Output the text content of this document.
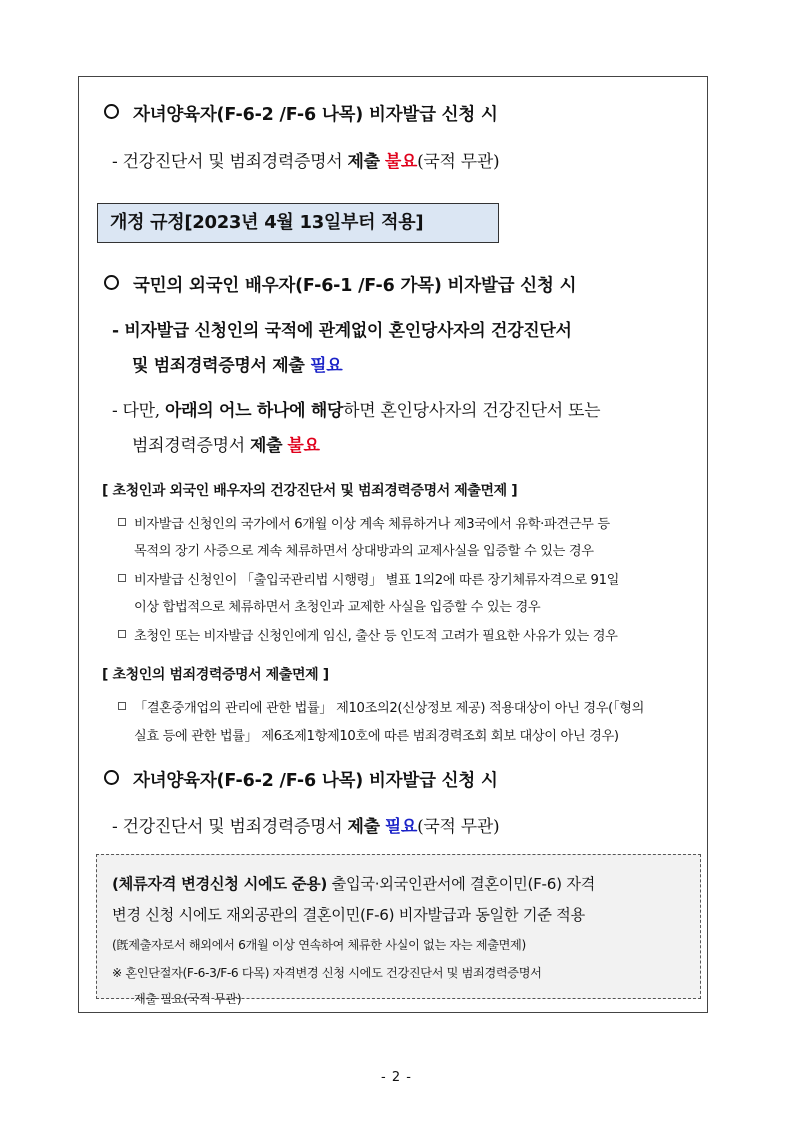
자녀양육자(F-6-2 /F-6 나목) 비자발급 신청 시
- 건강진단서 및 범죄경력증명서 제출 불요(국적 무관)
개정 규정[2023년 4월 13일부터 적용]
국민의 외국인 배우자(F-6-1 /F-6 가목) 비자발급 신청 시
- 비자발급 신청인의 국적에 관계없이 혼인당사자의 건강진단서
및 범죄경력증명서 제출 필요
- 다만, 아래의 어느 하나에 해당하면 혼인당사자의 건강진단서 또는
범죄경력증명서 제출 불요
[ 초청인과 외국인 배우자의 건강진단서 및 범죄경력증명서 제출면제 ]
비자발급 신청인의 국가에서 6개월 이상 계속 체류하거나 제3국에서 유학·파견근무 등
목적의 장기 사증으로 계속 체류하면서 상대방과의 교제사실을 입증할 수 있는 경우
비자발급 신청인이 「출입국관리법 시행령」 별표 1의2에 따른 장기체류자격으로 91일
이상 합법적으로 체류하면서 초청인과 교제한 사실을 입증할 수 있는 경우
초청인 또는 비자발급 신청인에게 임신, 출산 등 인도적 고려가 필요한 사유가 있는 경우
[ 초청인의 범죄경력증명서 제출면제 ]
「결혼중개업의 관리에 관한 법률」 제10조의2(신상정보 제공) 적용대상이 아닌 경우(「형의
실효 등에 관한 법률」 제6조제1항제10호에 따른 범죄경력조회 회보 대상이 아닌 경우)
자녀양육자(F-6-2 /F-6 나목) 비자발급 신청 시
- 건강진단서 및 범죄경력증명서 제출 필요(국적 무관)
(체류자격 변경신청 시에도 준용) 출입국·외국인관서에 결혼이민(F-6) 자격
변경 신청 시에도 재외공관의 결혼이민(F-6) 비자발급과 동일한 기준 적용
(旣제출자로서 해외에서 6개월 이상 연속하여 체류한 사실이 없는 자는 제출면제)
※ 혼인단절자(F-6-3/F-6 다목) 자격변경 신청 시에도 건강진단서 및 범죄경력증명서
제출 필요(국적 무관)
- 2 -
